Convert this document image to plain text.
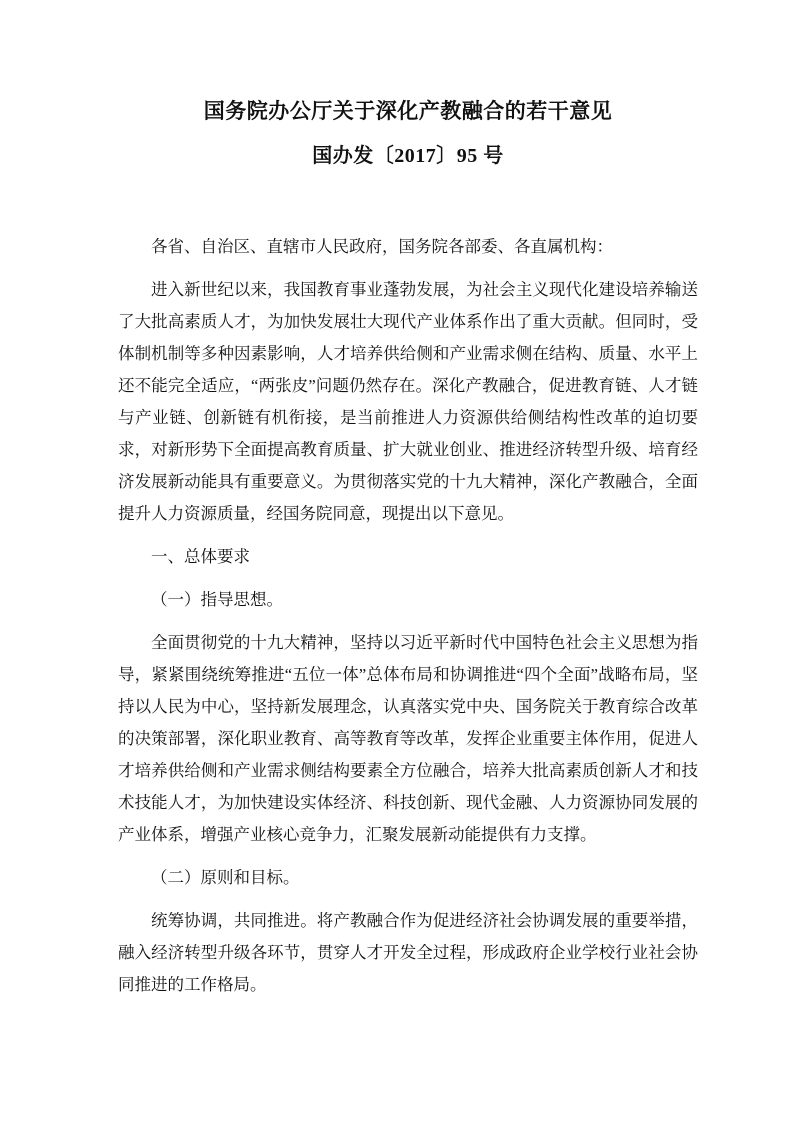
国务院办公厅关于深化产教融合的若干意见
国办发〔2017〕95 号

各省、自治区、直辖市人民政府，国务院各部委、各直属机构：

进入新世纪以来，我国教育事业蓬勃发展，为社会主义现代化建设培养输送了大批高素质人才，为加快发展壮大现代产业体系作出了重大贡献。但同时，受体制机制等多种因素影响，人才培养供给侧和产业需求侧在结构、质量、水平上还不能完全适应，“两张皮”问题仍然存在。深化产教融合，促进教育链、人才链与产业链、创新链有机衔接，是当前推进人力资源供给侧结构性改革的迫切要求，对新形势下全面提高教育质量、扩大就业创业、推进经济转型升级、培育经济发展新动能具有重要意义。为贯彻落实党的十九大精神，深化产教融合，全面提升人力资源质量，经国务院同意，现提出以下意见。

一、总体要求

（一）指导思想。

全面贯彻党的十九大精神，坚持以习近平新时代中国特色社会主义思想为指导，紧紧围绕统筹推进“五位一体”总体布局和协调推进“四个全面”战略布局，坚持以人民为中心，坚持新发展理念，认真落实党中央、国务院关于教育综合改革的决策部署，深化职业教育、高等教育等改革，发挥企业重要主体作用，促进人才培养供给侧和产业需求侧结构要素全方位融合，培养大批高素质创新人才和技术技能人才，为加快建设实体经济、科技创新、现代金融、人力资源协同发展的产业体系，增强产业核心竞争力，汇聚发展新动能提供有力支撑。

（二）原则和目标。

统筹协调，共同推进。将产教融合作为促进经济社会协调发展的重要举措，融入经济转型升级各环节，贯穿人才开发全过程，形成政府企业学校行业社会协同推进的工作格局。
